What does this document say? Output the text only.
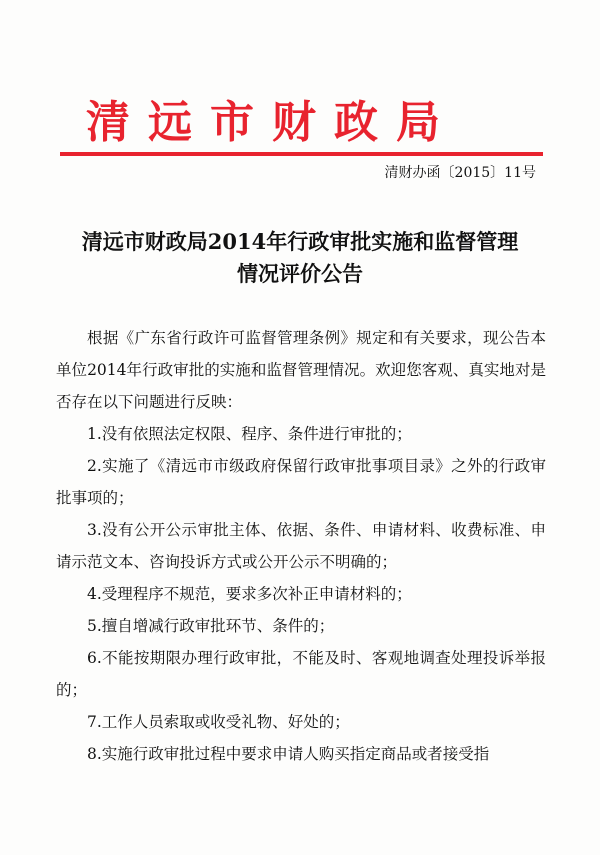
清远市财政局
清财办函〔2015〕11号
清远市财政局2014年行政审批实施和监督管理
情况评价公告

根据《广东省行政许可监督管理条例》规定和有关要求，现公告本单位2014年行政审批的实施和监督管理情况。欢迎您客观、真实地对是否存在以下问题进行反映：

1.没有依照法定权限、程序、条件进行审批的；

2.实施了《清远市市级政府保留行政审批事项目录》之外的行政审批事项的；

3.没有公开公示审批主体、依据、条件、申请材料、收费标准、申请示范文本、咨询投诉方式或公开公示不明确的；

4.受理程序不规范，要求多次补正申请材料的；

5.擅自增减行政审批环节、条件的；

6.不能按期限办理行政审批，不能及时、客观地调查处理投诉举报的；

7.工作人员索取或收受礼物、好处的；

8.实施行政审批过程中要求申请人购买指定商品或者接受指
